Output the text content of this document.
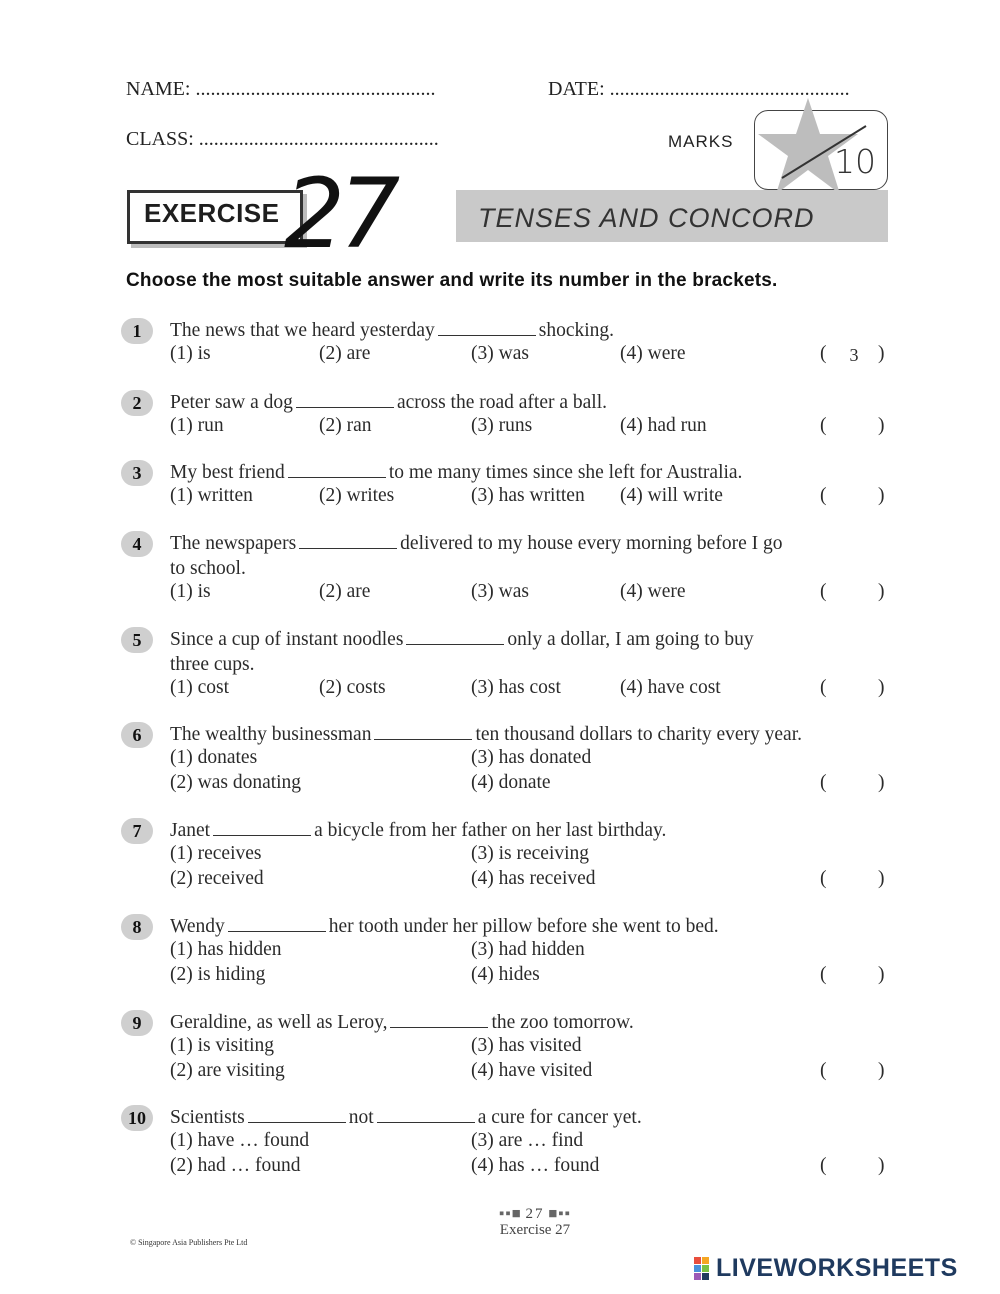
NAME: ................................................	DATE: ................................................
CLASS: ................................................	MARKS
10
EXERCISE 27	TENSES AND CONCORD
Choose the most suitable answer and write its number in the brackets.
1	The news that we heard yesterday	shocking.
(1) is	(2) are	(3) was	(4) were	(	3 )
2	Peter saw a dog	across the road after a ball.
(1) run	(2) ran	(3) runs	(4) had run	(	)
3	My best friend	to me many times since she left for Australia.
(1) written	(2) writes	(3) has written (4) will write	(	)
4	The newspapers	delivered to my house every morning before I go
to school.
(1) is	(2) are	(3) was	(4) were	(	)
5	Since a cup of instant noodles	only a dollar, I am going to buy
three cups.
(1) cost	(2) costs	(3) has cost	(4) have cost	(	)
6	The wealthy businessman	ten thousand dollars to charity every year.
(1) donates	(3) has donated
(2) was donating	(4) donate	(	)
7	Janet	a bicycle from her father on her last birthday.
(1) receives	(3) is receiving
(2) received	(4) has received	(	)
8	Wendy	her tooth under her pillow before she went to bed.
(1) has hidden	(3) had hidden
(2) is hiding	(4) hides	(	)
9	Geraldine, as well as Leroy,	the zoo tomorrow.
(1) is visiting	(3) has visited
(2) are visiting	(4) have visited	(	)
10	Scientists	not	a cure for cancer yet.
(1) have … found	(3) are … find
(2) had … found	(4) has … found	(	)
▪▪■ 27 ■▪▪
Exercise 27
© Singapore Asia Publishers Pte Ltd
LIVEWORKSHEETS
